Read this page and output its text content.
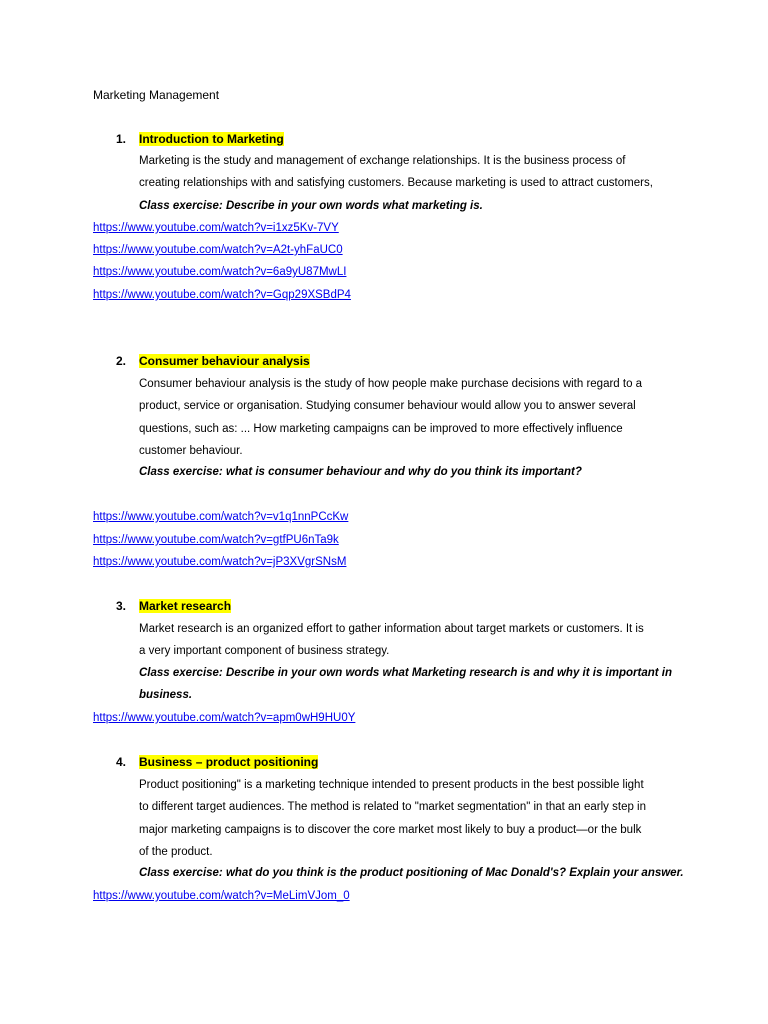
Marketing Management
1. Introduction to Marketing
Marketing is the study and management of exchange relationships. It is the business process of
creating relationships with and satisfying customers. Because marketing is used to attract customers,
Class exercise: Describe in your own words what marketing is.
https://www.youtube.com/watch?v=i1xz5Kv-7VY
https://www.youtube.com/watch?v=A2t-yhFaUC0
https://www.youtube.com/watch?v=6a9yU87MwLI
https://www.youtube.com/watch?v=Gqp29XSBdP4
2. Consumer behaviour analysis
Consumer behaviour analysis is the study of how people make purchase decisions with regard to a
product, service or organisation. Studying consumer behaviour would allow you to answer several
questions, such as: ... How marketing campaigns can be improved to more effectively influence
customer behaviour.
Class exercise: what is consumer behaviour and why do you think its important?
https://www.youtube.com/watch?v=v1q1nnPCcKw
https://www.youtube.com/watch?v=gtfPU6nTa9k
https://www.youtube.com/watch?v=jP3XVgrSNsM
3. Market research
Market research is an organized effort to gather information about target markets or customers. It is
a very important component of business strategy.
Class exercise: Describe in your own words what Marketing research is and why it is important in
business.
https://www.youtube.com/watch?v=apm0wH9HU0Y
4. Business – product positioning
Product positioning" is a marketing technique intended to present products in the best possible light
to different target audiences. The method is related to "market segmentation" in that an early step in
major marketing campaigns is to discover the core market most likely to buy a product—or the bulk
of the product.
Class exercise: what do you think is the product positioning of Mac Donald's? Explain your answer.
https://www.youtube.com/watch?v=MeLimVJom_0
